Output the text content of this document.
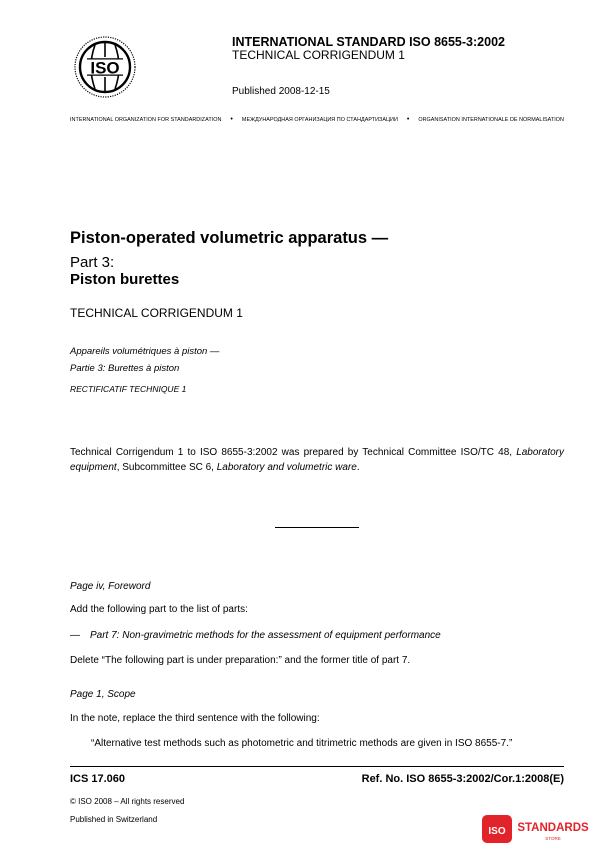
ISO
INTERNATIONAL STANDARD ISO 8655-3:2002
TECHNICAL CORRIGENDUM 1
Published 2008-12-15
INTERNATIONAL ORGANIZATION FOR STANDARDIZATION • МЕЖДУНАРОДНАЯ ОРГАНИЗАЦИЯ ПО СТАНДАРТИЗАЦИИ • ORGANISATION INTERNATIONALE DE NORMALISATION
Piston-operated volumetric apparatus —
Part 3:
Piston burettes
TECHNICAL CORRIGENDUM 1
Appareils volumétriques à piston —
Partie 3: Burettes à piston
RECTIFICATIF TECHNIQUE 1
Technical Corrigendum 1 to ISO 8655-3:2002 was prepared by Technical Committee ISO/TC 48, Laboratory equipment, Subcommittee SC 6, Laboratory and volumetric ware.
Page iv, Foreword
Add the following part to the list of parts:
— Part 7: Non-gravimetric methods for the assessment of equipment performance
Delete “The following part is under preparation:” and the former title of part 7.
Page 1, Scope
In the note, replace the third sentence with the following:
“Alternative test methods such as photometric and titrimetric methods are given in ISO 8655-7.”
ICS 17.060	Ref. No. ISO 8655-3:2002/Cor.1:2008(E)
© ISO 2008 – All rights reserved
Published in Switzerland
ISO STANDARDS
STORE
